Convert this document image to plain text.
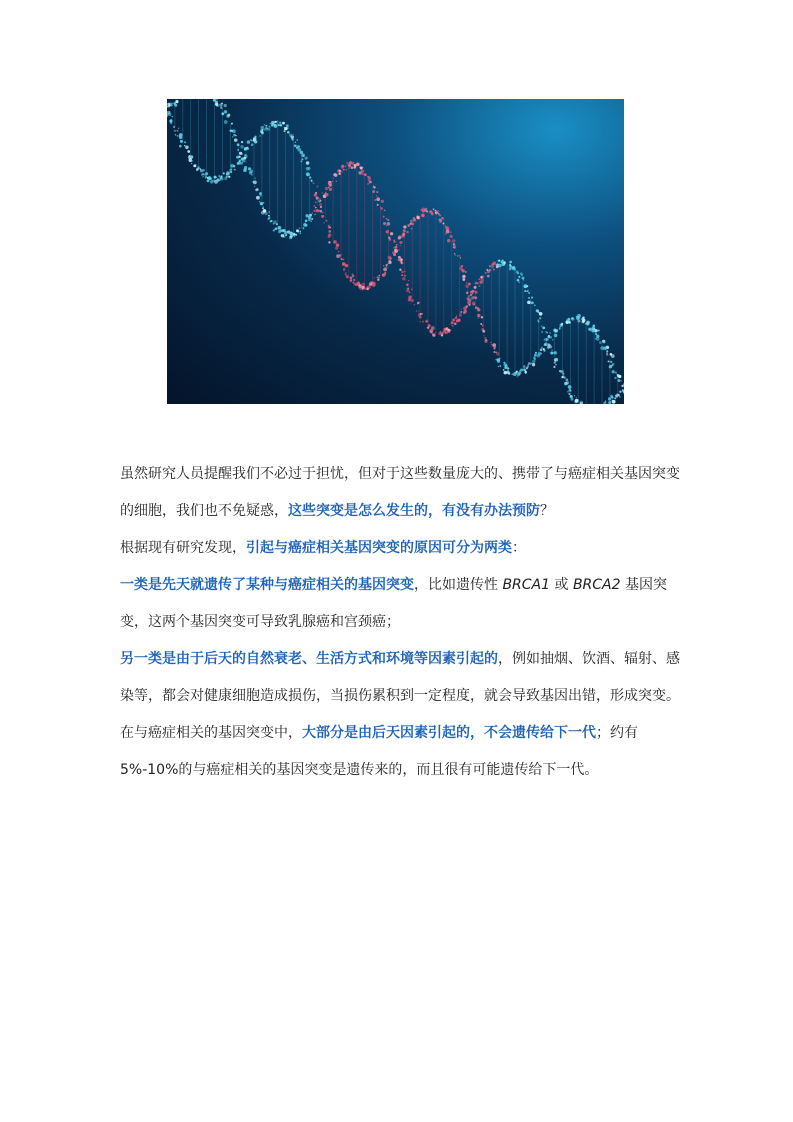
虽然研究人员提醒我们不必过于担忧，但对于这些数量庞大的、携带了与癌症相关基因突变的细胞，我们也不免疑惑，这些突变是怎么发生的，有没有办法预防？

根据现有研究发现，引起与癌症相关基因突变的原因可分为两类：

一类是先天就遗传了某种与癌症相关的基因突变，比如遗传性 BRCA1 或 BRCA2 基因突变，这两个基因突变可导致乳腺癌和宫颈癌；

另一类是由于后天的自然衰老、生活方式和环境等因素引起的，例如抽烟、饮酒、辐射、感染等，都会对健康细胞造成损伤，当损伤累积到一定程度，就会导致基因出错，形成突变。

在与癌症相关的基因突变中，大部分是由后天因素引起的，不会遗传给下一代；约有 5%-10%的与癌症相关的基因突变是遗传来的，而且很有可能遗传给下一代。
